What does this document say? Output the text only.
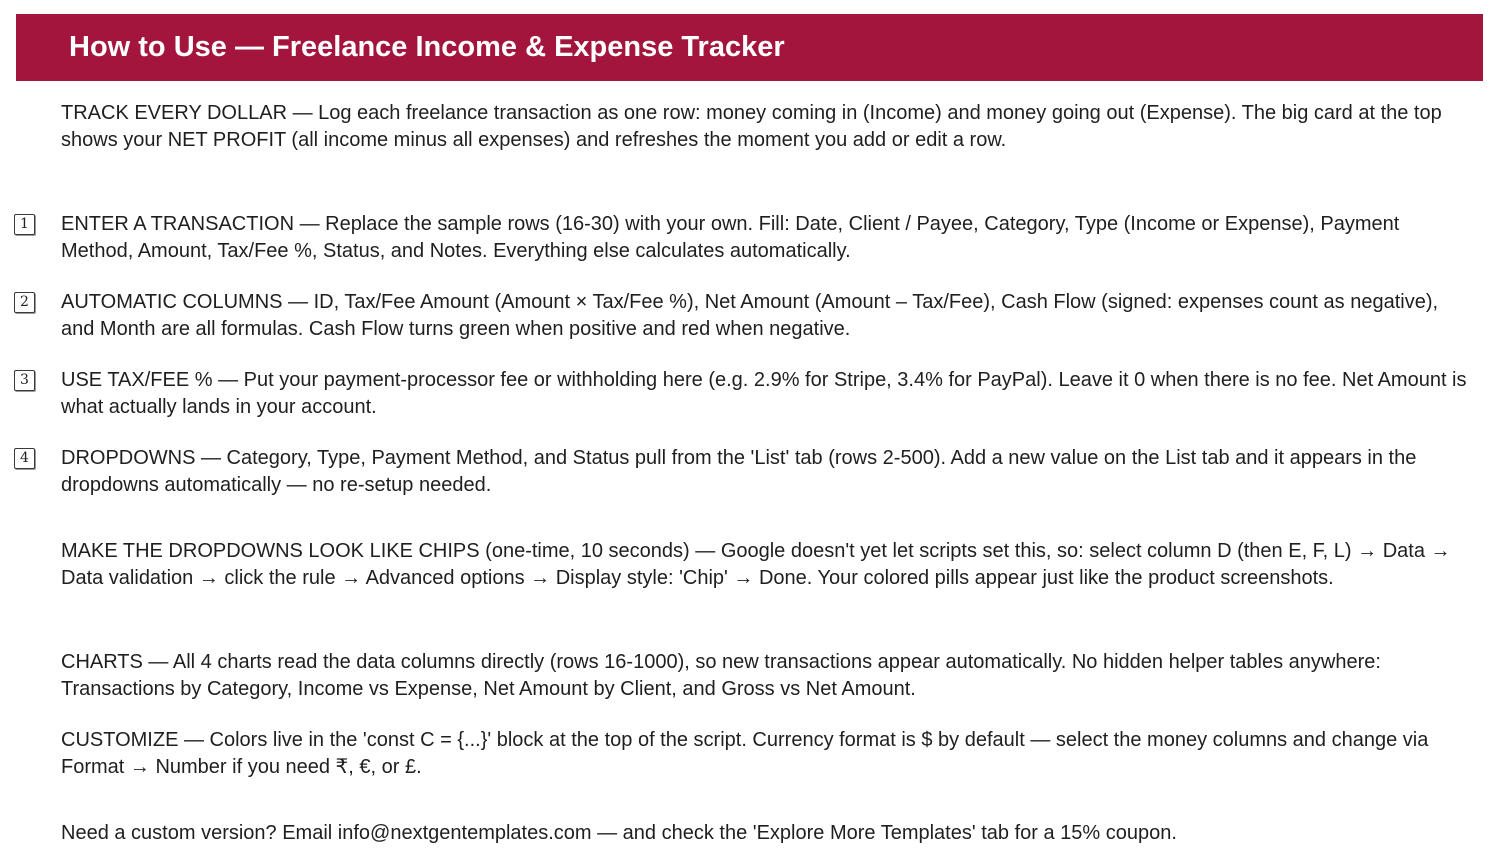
How to Use — Freelance Income & Expense Tracker

TRACK EVERY DOLLAR — Log each freelance transaction as one row: money coming in (Income) and money going out (Expense). The big card at the top shows your NET PROFIT (all income minus all expenses) and refreshes the moment you add or edit a row.

1	ENTER A TRANSACTION — Replace the sample rows (16-30) with your own. Fill: Date, Client / Payee, Category, Type (Income or Expense), Payment Method, Amount, Tax/Fee %, Status, and Notes. Everything else calculates automatically.

2	AUTOMATIC COLUMNS — ID, Tax/Fee Amount (Amount × Tax/Fee %), Net Amount (Amount – Tax/Fee), Cash Flow (signed: expenses count as negative), and Month are all formulas. Cash Flow turns green when positive and red when negative.

3	USE TAX/FEE % — Put your payment-processor fee or withholding here (e.g. 2.9% for Stripe, 3.4% for PayPal). Leave it 0 when there is no fee. Net Amount is what actually lands in your account.

4	DROPDOWNS — Category, Type, Payment Method, and Status pull from the 'List' tab (rows 2-500). Add a new value on the List tab and it appears in the dropdowns automatically — no re-setup needed.

MAKE THE DROPDOWNS LOOK LIKE CHIPS (one-time, 10 seconds) — Google doesn't yet let scripts set this, so: select column D (then E, F, L) → Data → Data validation → click the rule → Advanced options → Display style: 'Chip' → Done. Your colored pills appear just like the product screenshots.

CHARTS — All 4 charts read the data columns directly (rows 16-1000), so new transactions appear automatically. No hidden helper tables anywhere: Transactions by Category, Income vs Expense, Net Amount by Client, and Gross vs Net Amount.

CUSTOMIZE — Colors live in the 'const C = {...}' block at the top of the script. Currency format is $ by default — select the money columns and change via Format → Number if you need ₹, €, or £.

Need a custom version? Email info@nextgentemplates.com — and check the 'Explore More Templates' tab for a 15% coupon.
